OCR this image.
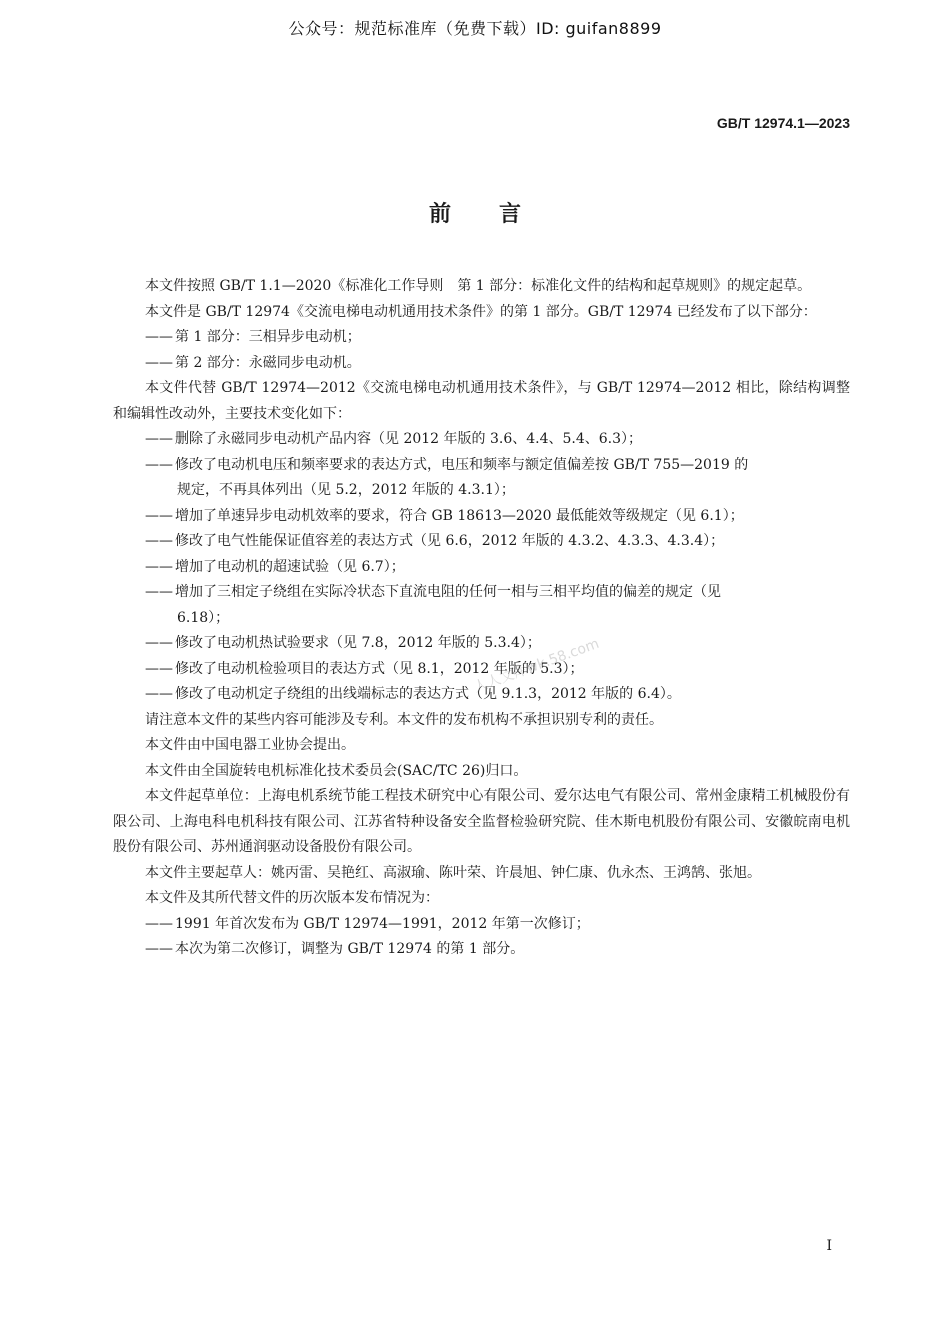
公众号：规范标准库（免费下载）ID: guifan8899
GB/T 12974.1—2023
前言
本文件按照 GB/T 1.1—2020《标准化工作导则　第 1 部分：标准化文件的结构和起草规则》的规定起草。
本文件是 GB/T 12974《交流电梯电动机通用技术条件》的第 1 部分。GB/T 12974 已经发布了以下部分：
—— 第 1 部分：三相异步电动机；
—— 第 2 部分：永磁同步电动机。
本文件代替 GB/T 12974—2012《交流电梯电动机通用技术条件》，与 GB/T 12974—2012 相比，除结构调整和编辑性改动外，主要技术变化如下：
—— 删除了永磁同步电动机产品内容（见 2012 年版的 3.6、4.4、5.4、6.3）；
—— 修改了电动机电压和频率要求的表达方式，电压和频率与额定值偏差按 GB/T 755—2019 的
规定，不再具体列出（见 5.2，2012 年版的 4.3.1）；
—— 增加了单速异步电动机效率的要求，符合 GB 18613—2020 最低能效等级规定（见 6.1）；
—— 修改了电气性能保证值容差的表达方式（见 6.6，2012 年版的 4.3.2、4.3.3、4.3.4）；
—— 增加了电动机的超速试验（见 6.7）；
—— 增加了三相定子绕组在实际冷状态下直流电阻的任何一相与三相平均值的偏差的规定（见
6.18）；
—— 修改了电动机热试验要求（见 7.8，2012 年版的 5.3.4）；
—— 修改了电动机检验项目的表达方式（见 8.1，2012 年版的 5.3）；
—— 修改了电动机定子绕组的出线端标志的表达方式（见 9.1.3，2012 年版的 6.4）。
请注意本文件的某些内容可能涉及专利。本文件的发布机构不承担识别专利的责任。
本文件由中国电器工业协会提出。
本文件由全国旋转电机标准化技术委员会(SAC/TC 26)归口。
本文件起草单位：上海电机系统节能工程技术研究中心有限公司、爱尔达电气有限公司、常州金康精工机械股份有限公司、上海电科电机科技有限公司、江苏省特种设备安全监督检验研究院、佳木斯电机股份有限公司、安徽皖南电机股份有限公司、苏州通润驱动设备股份有限公司。
本文件主要起草人：姚丙雷、吴艳红、高淑瑜、陈叶荣、许晨旭、钟仁康、仇永杰、王鸿鹄、张旭。
本文件及其所代替文件的历次版本发布情况为：
—— 1991 年首次发布为 GB/T 12974—1991，2012 年第一次修订；
—— 本次为第二次修订，调整为 GB/T 12974 的第 1 部分。
人人文库wk.58.com
I
